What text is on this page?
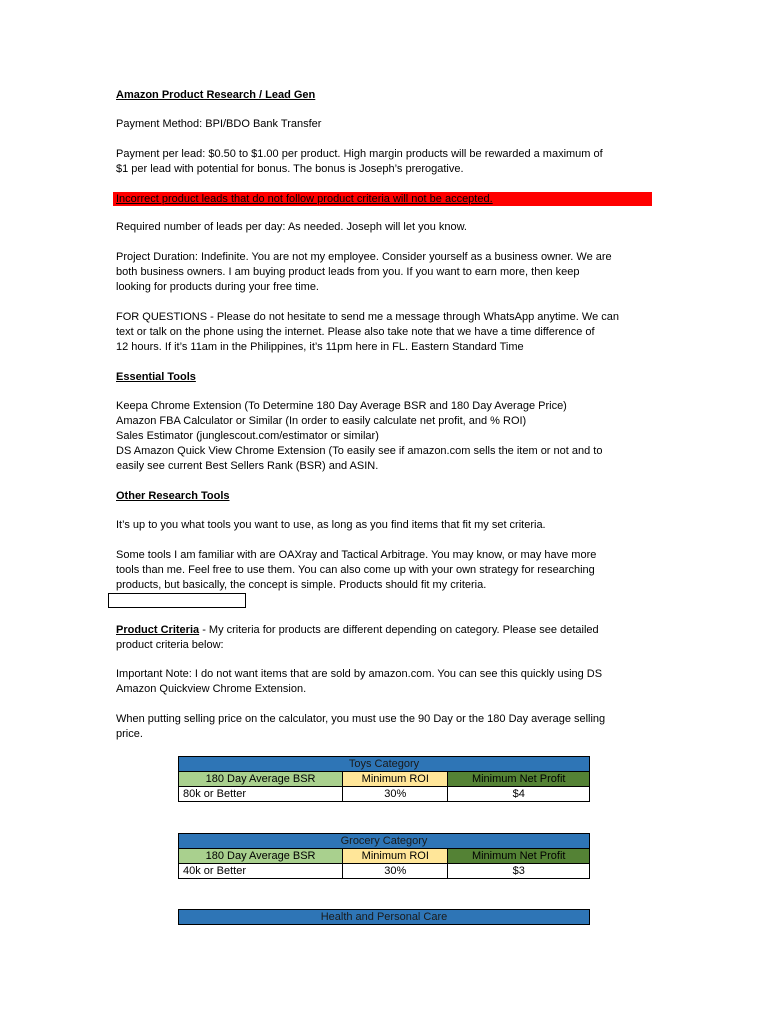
Amazon Product Research / Lead Gen

Payment Method: BPI/BDO Bank Transfer

Payment per lead: $0.50 to $1.00 per product. High margin products will be rewarded a maximum of
$1 per lead with potential for bonus. The bonus is Joseph’s prerogative.

Incorrect product leads that do not follow product criteria will not be accepted.

Required number of leads per day: As needed. Joseph will let you know.

Project Duration: Indefinite. You are not my employee. Consider yourself as a business owner. We are
both business owners. I am buying product leads from you. If you want to earn more, then keep
looking for products during your free time.

FOR QUESTIONS - Please do not hesitate to send me a message through WhatsApp anytime. We can
text or talk on the phone using the internet. Please also take note that we have a time difference of
12 hours. If it’s 11am in the Philippines, it’s 11pm here in FL. Eastern Standard Time

Essential Tools

Keepa Chrome Extension (To Determine 180 Day Average BSR and 180 Day Average Price)
Amazon FBA Calculator or Similar (In order to easily calculate net profit, and % ROI)
Sales Estimator (junglescout.com/estimator or similar)
DS Amazon Quick View Chrome Extension (To easily see if amazon.com sells the item or not and to
easily see current Best Sellers Rank (BSR) and ASIN.

Other Research Tools

It’s up to you what tools you want to use, as long as you find items that fit my set criteria.

Some tools I am familiar with are OAXray and Tactical Arbitrage. You may know, or may have more
tools than me. Feel free to use them. You can also come up with your own strategy for researching
products, but basically, the concept is simple. Products should fit my criteria.

Product Criteria - My criteria for products are different depending on category. Please see detailed
product criteria below:

Important Note: I do not want items that are sold by amazon.com. You can see this quickly using DS
Amazon Quickview Chrome Extension.

When putting selling price on the calculator, you must use the 90 Day or the 180 Day average selling
price.

Toys Category		
180 Day Average BSR	Minimum ROI	Minimum Net Profit
80k or Better	30%	$4
Grocery Category		
180 Day Average BSR	Minimum ROI	Minimum Net Profit
40k or Better	30%	$3
Health and Personal Care
